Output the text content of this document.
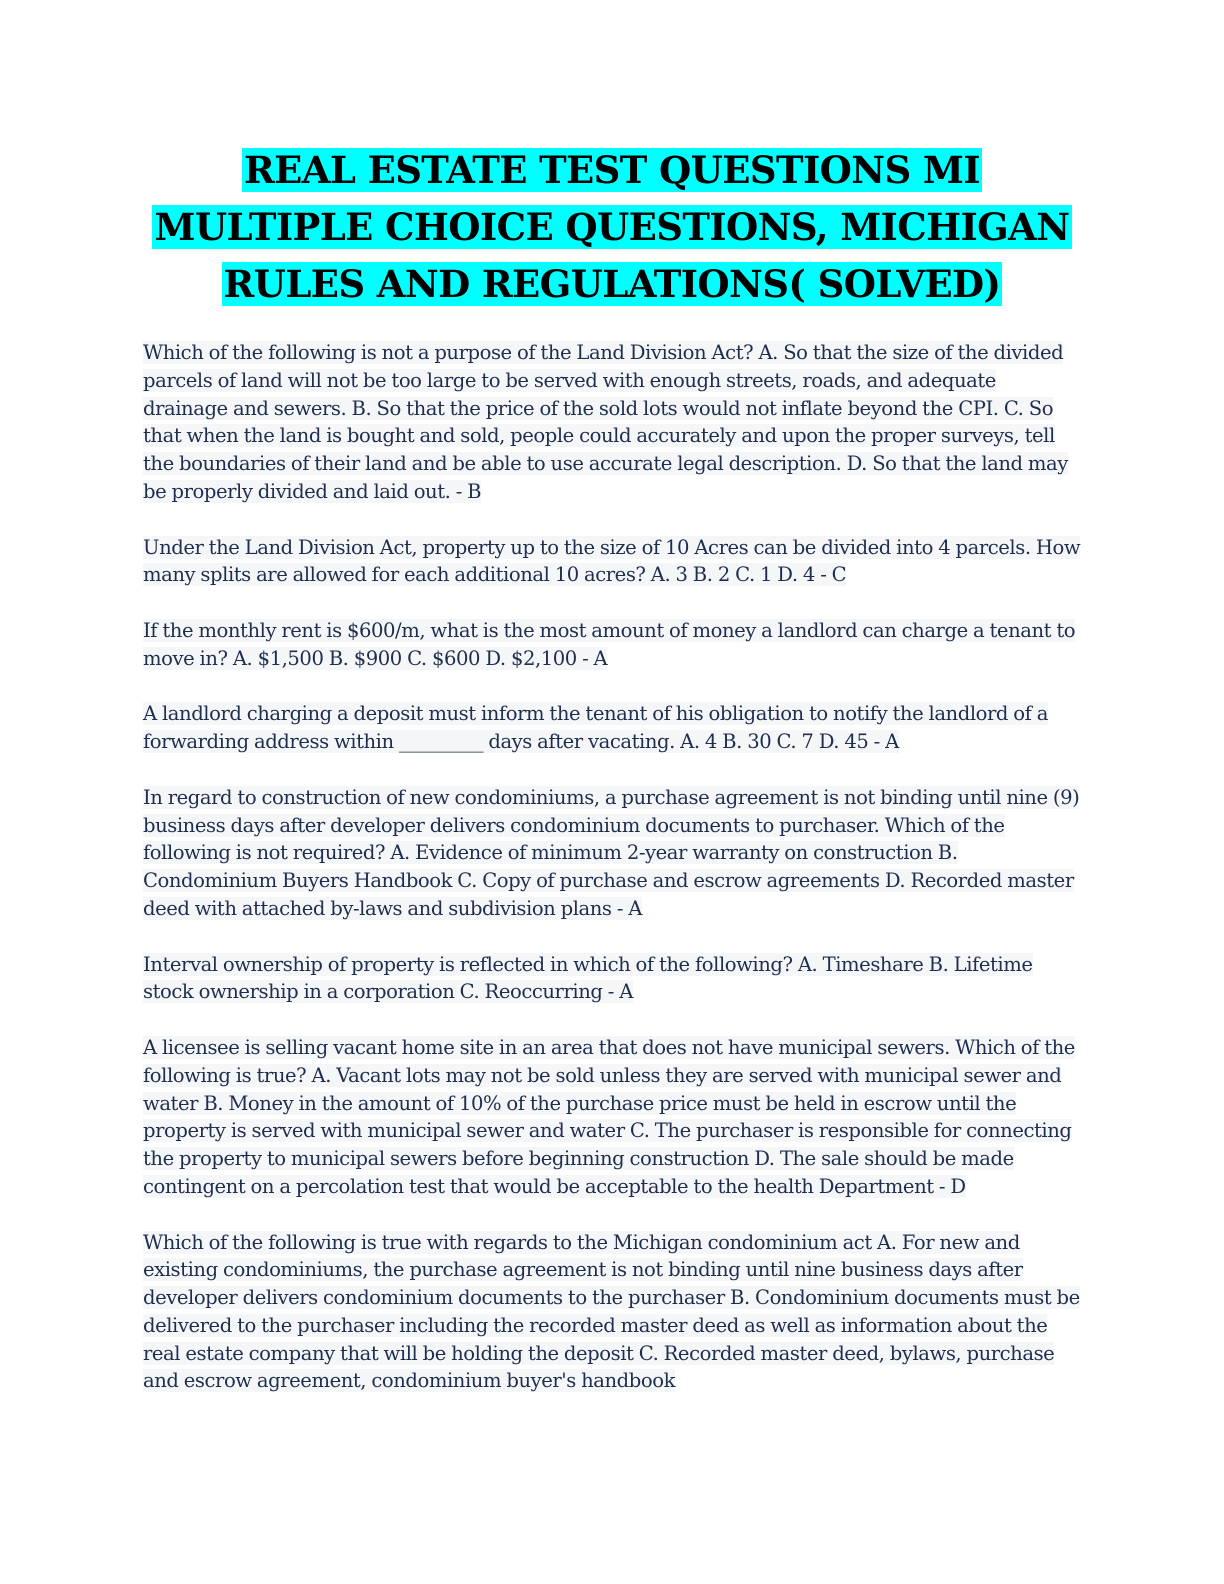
REAL ESTATE TEST QUESTIONS MI
MULTIPLE CHOICE QUESTIONS, MICHIGAN
RULES AND REGULATIONS( SOLVED)

Which of the following is not a purpose of the Land Division Act? A. So that the size of the divided parcels of land will not be too large to be served with enough streets, roads, and adequate drainage and sewers. B. So that the price of the sold lots would not inflate beyond the CPI. C. So that when the land is bought and sold, people could accurately and upon the proper surveys, tell the boundaries of their land and be able to use accurate legal description. D. So that the land may be properly divided and laid out. - B

Under the Land Division Act, property up to the size of 10 Acres can be divided into 4 parcels. How many splits are allowed for each additional 10 acres? A. 3 B. 2 C. 1 D. 4 - C

If the monthly rent is $600/m, what is the most amount of money a landlord can charge a tenant to move in? A. $1,500 B. $900 C. $600 D. $2,100 - A

A landlord charging a deposit must inform the tenant of his obligation to notify the landlord of a forwarding address within _________ days after vacating. A. 4 B. 30 C. 7 D. 45 - A

In regard to construction of new condominiums, a purchase agreement is not binding until nine (9) business days after developer delivers condominium documents to purchaser. Which of the following is not required? A. Evidence of minimum 2-year warranty on construction B. Condominium Buyers Handbook C. Copy of purchase and escrow agreements D. Recorded master deed with attached by-laws and subdivision plans - A

Interval ownership of property is reflected in which of the following? A. Timeshare B. Lifetime stock ownership in a corporation C. Reoccurring - A

A licensee is selling vacant home site in an area that does not have municipal sewers. Which of the following is true? A. Vacant lots may not be sold unless they are served with municipal sewer and water B. Money in the amount of 10% of the purchase price must be held in escrow until the property is served with municipal sewer and water C. The purchaser is responsible for connecting the property to municipal sewers before beginning construction D. The sale should be made contingent on a percolation test that would be acceptable to the health Department - D

Which of the following is true with regards to the Michigan condominium act A. For new and existing condominiums, the purchase agreement is not binding until nine business days after developer delivers condominium documents to the purchaser B. Condominium documents must be delivered to the purchaser including the recorded master deed as well as information about the real estate company that will be holding the deposit C. Recorded master deed, bylaws, purchase and escrow agreement, condominium buyer's handbook
